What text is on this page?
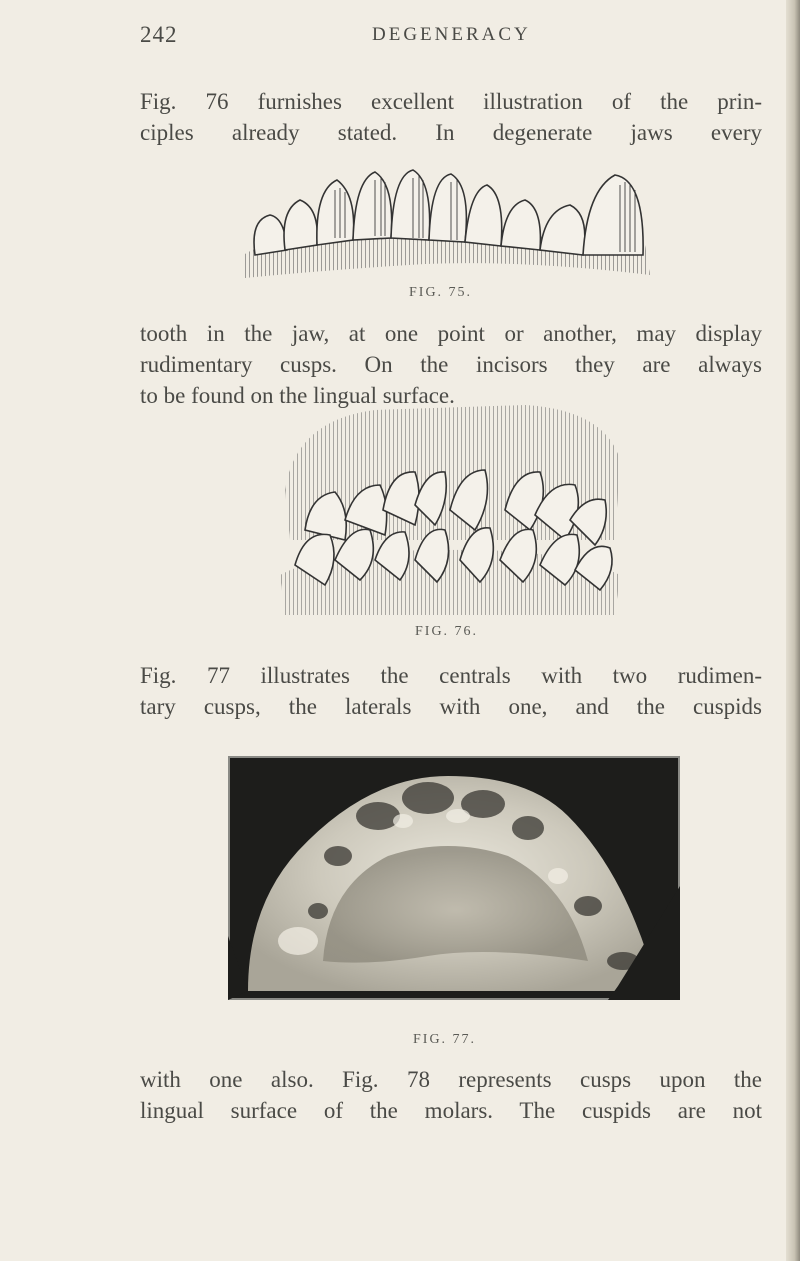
242	DEGENERACY
Fig. 76 furnishes excellent illustration of the prin-
ciples already stated. In degenerate jaws every
FIG. 75.
tooth in the jaw, at one point or another, may display
rudimentary cusps. On the incisors they are always
to be found on the lingual surface.
FIG. 76.
Fig. 77 illustrates the centrals with two rudimen-
tary cusps, the laterals with one, and the cuspids
FIG. 77.
with one also. Fig. 78 represents cusps upon the
lingual surface of the molars. The cuspids are not
